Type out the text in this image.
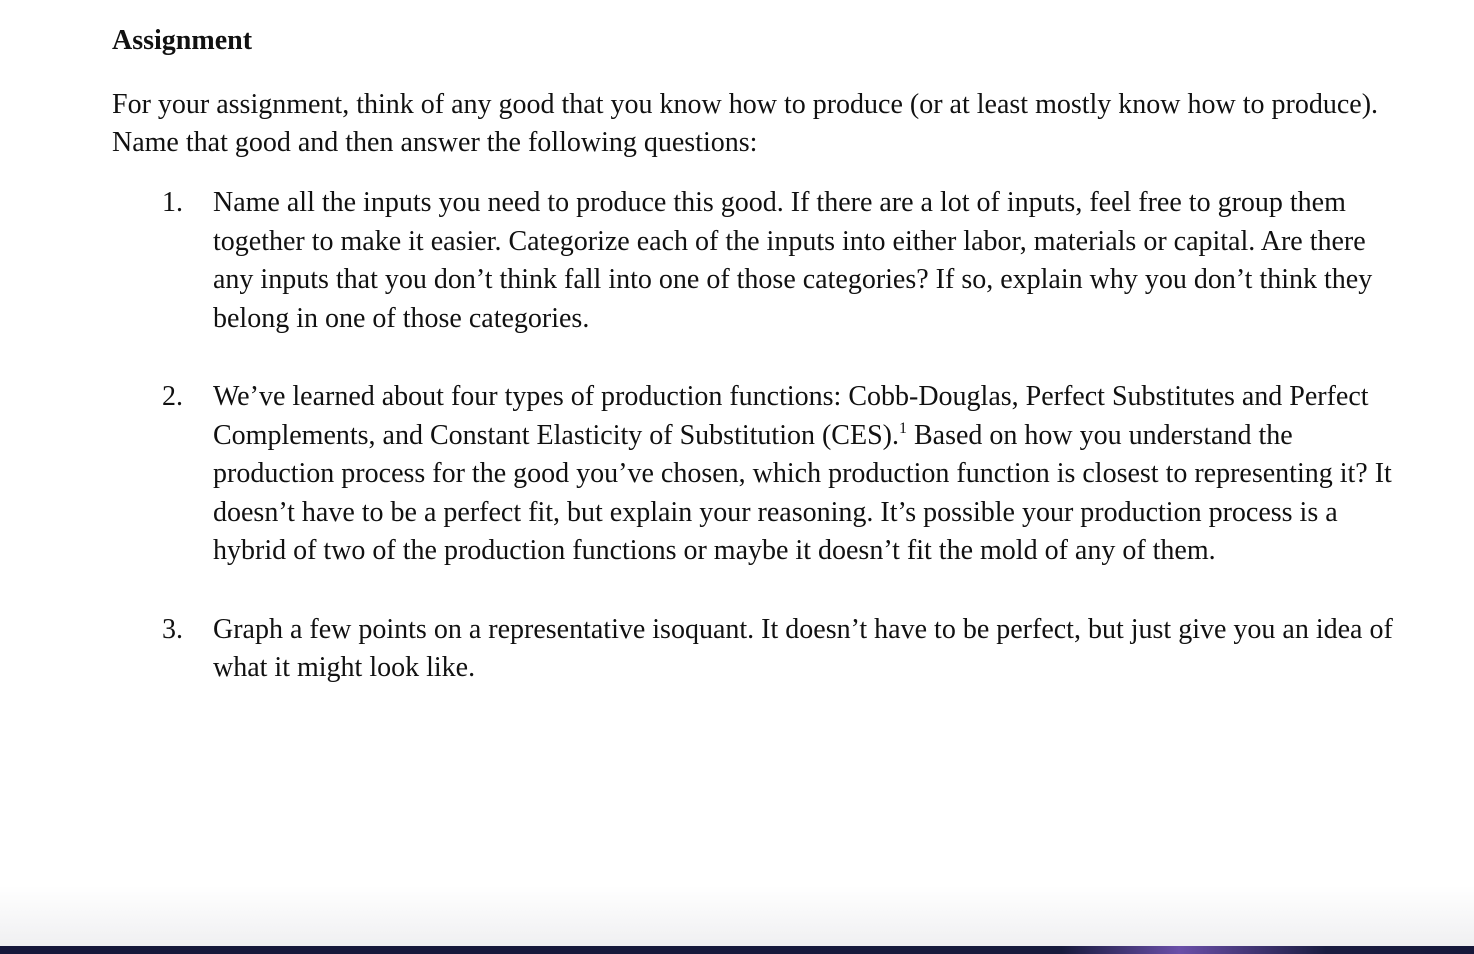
Assignment

For your assignment, think of any good that you know how to produce (or at least mostly know how to produce). Name that good and then answer the following questions:

1. Name all the inputs you need to produce this good. If there are a lot of inputs, feel free to group them together to make it easier. Categorize each of the inputs into either labor, materials or capital. Are there any inputs that you don’t think fall into one of those categories? If so, explain why you don’t think they belong in one of those categories.
2. We’ve learned about four types of production functions: Cobb-Douglas, Perfect Substitutes and Perfect Complements, and Constant Elasticity of Substitution (CES).$^1$ Based on how you understand the production process for the good you’ve chosen, which production function is closest to representing it? It doesn’t have to be a perfect fit, but explain your reasoning. It’s possible your production process is a hybrid of two of the production functions or maybe it doesn’t fit the mold of any of them.
3. Graph a few points on a representative isoquant. It doesn’t have to be perfect, but just give you an idea of what it might look like.
